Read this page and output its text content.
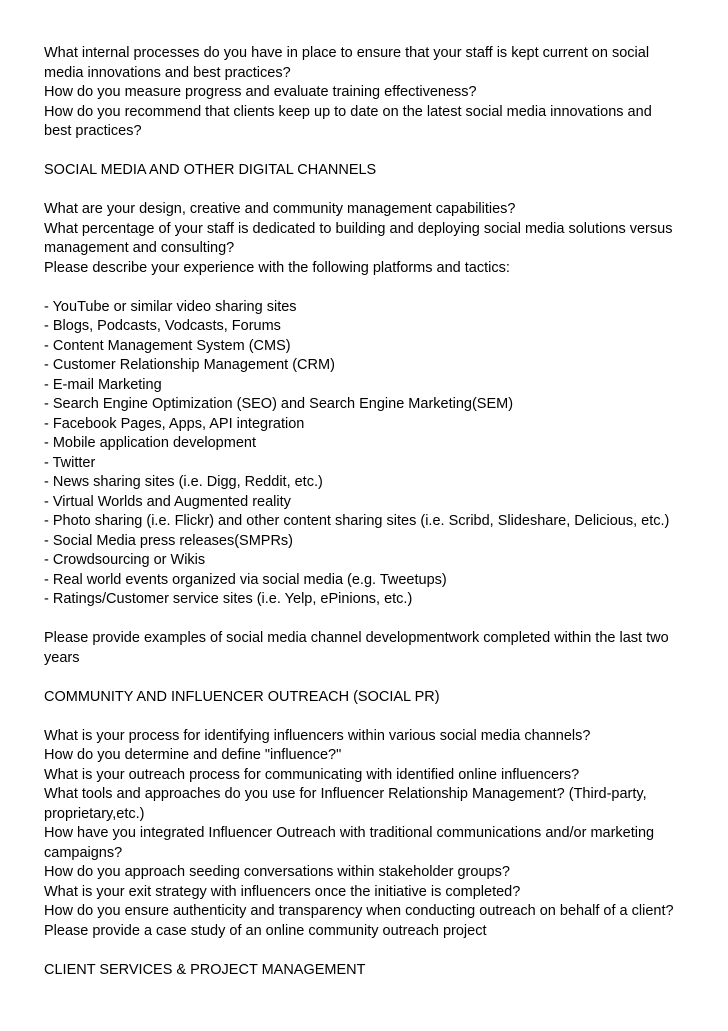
What internal processes do you have in place to ensure that your staff is kept current on social
media innovations and best practices?
How do you measure progress and evaluate training effectiveness?
How do you recommend that clients keep up to date on the latest social media innovations and
best practices?
SOCIAL MEDIA AND OTHER DIGITAL CHANNELS
What are your design, creative and community management capabilities?
What percentage of your staff is dedicated to building and deploying social media solutions versus
management and consulting?
Please describe your experience with the following platforms and tactics:
- YouTube or similar video sharing sites
- Blogs, Podcasts, Vodcasts, Forums
- Content Management System (CMS)
- Customer Relationship Management (CRM)
- E-mail Marketing
- Search Engine Optimization (SEO) and Search Engine Marketing(SEM)
- Facebook Pages, Apps, API integration
- Mobile application development
- Twitter
- News sharing sites (i.e. Digg, Reddit, etc.)
- Virtual Worlds and Augmented reality
- Photo sharing (i.e. Flickr) and other content sharing sites (i.e. Scribd, Slideshare, Delicious, etc.)
- Social Media press releases(SMPRs)
- Crowdsourcing or Wikis
- Real world events organized via social media (e.g. Tweetups)
- Ratings/Customer service sites (i.e. Yelp, ePinions, etc.)
Please provide examples of social media channel developmentwork completed within the last two
years
COMMUNITY AND INFLUENCER OUTREACH (SOCIAL PR)
What is your process for identifying influencers within various social media channels?
How do you determine and define "influence?"
What is your outreach process for communicating with identified online influencers?
What tools and approaches do you use for Influencer Relationship Management? (Third-party,
proprietary,etc.)
How have you integrated Influencer Outreach with traditional communications and/or marketing
campaigns?
How do you approach seeding conversations within stakeholder groups?
What is your exit strategy with influencers once the initiative is completed?
How do you ensure authenticity and transparency when conducting outreach on behalf of a client?
Please provide a case study of an online community outreach project
CLIENT SERVICES & PROJECT MANAGEMENT
